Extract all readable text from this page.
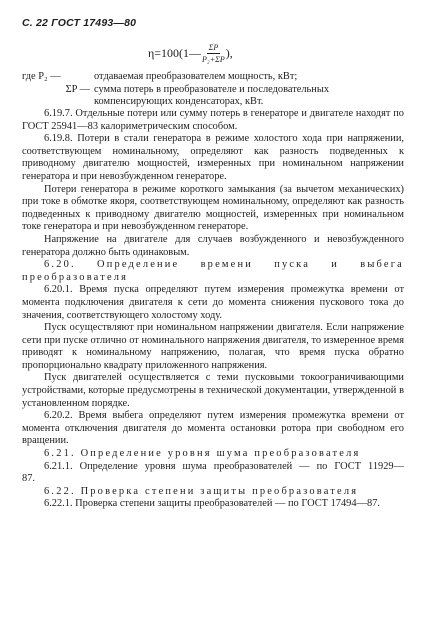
С. 22 ГОСТ 17493—80
η=100(1— $\frac{\Sigma P}{\text{P₂+ΣP}}$ ),
где P₂ —	отдаваемая преобразователем мощность, кВт;
ΣP — сумма потерь в преобразователе и последовательных компенсирующих конденсаторах, кВт.

6.19.7. Отдельные потери или сумму потерь в генераторе и двигателе находят по ГОСТ 25941—83 калориметрическим способом.

6.19.8. Потери в стали генератора в режиме холостого хода при напряжении, соответствующем номинальному, определяют как разность подведенных к приводному двигателю мощностей, измеренных при номинальном напряжении генератора и при невозбужденном генераторе.

Потери генератора в режиме короткого замыкания (за вычетом механических) при токе в обмотке якоря, соответствующем номинальному, определяют как разность подведенных к приводному двигателю мощностей, измеренных при номинальном токе генератора и при невозбужденном генераторе.

Напряжение на двигателе для случаев возбужденного и невозбужденного генератора должно быть одинаковым.

6.20. Определение времени пуска и выбега преобразователя

6.20.1. Время пуска определяют путем измерения промежутка времени от момента подключения двигателя к сети до момента снижения пускового тока до значения, соответствующего холостому ходу.

Пуск осуществляют при номинальном напряжении двигателя. Если напряжение сети при пуске отлично от номинального напряжения двигателя, то измеренное время приводят к номинальному напряжению, полагая, что время пуска обратно пропорционально квадрату приложенного напряжения.

Пуск двигателей осуществляется с теми пусковыми токоограничивающими устройствами, которые предусмотрены в технической документации, утвержденной в установленном порядке.

6.20.2. Время выбега определяют путем измерения промежутка времени от момента отключения двигателя до момента остановки ротора при свободном его вращении.

6.21. Определение уровня шума преобразователя

6.21.1. Определение уровня шума преобразователей — по ГОСТ 11929—87.

6.22. Проверка степени защиты преобразователя

6.22.1. Проверка степени защиты преобразователей — по ГОСТ 17494—87.
